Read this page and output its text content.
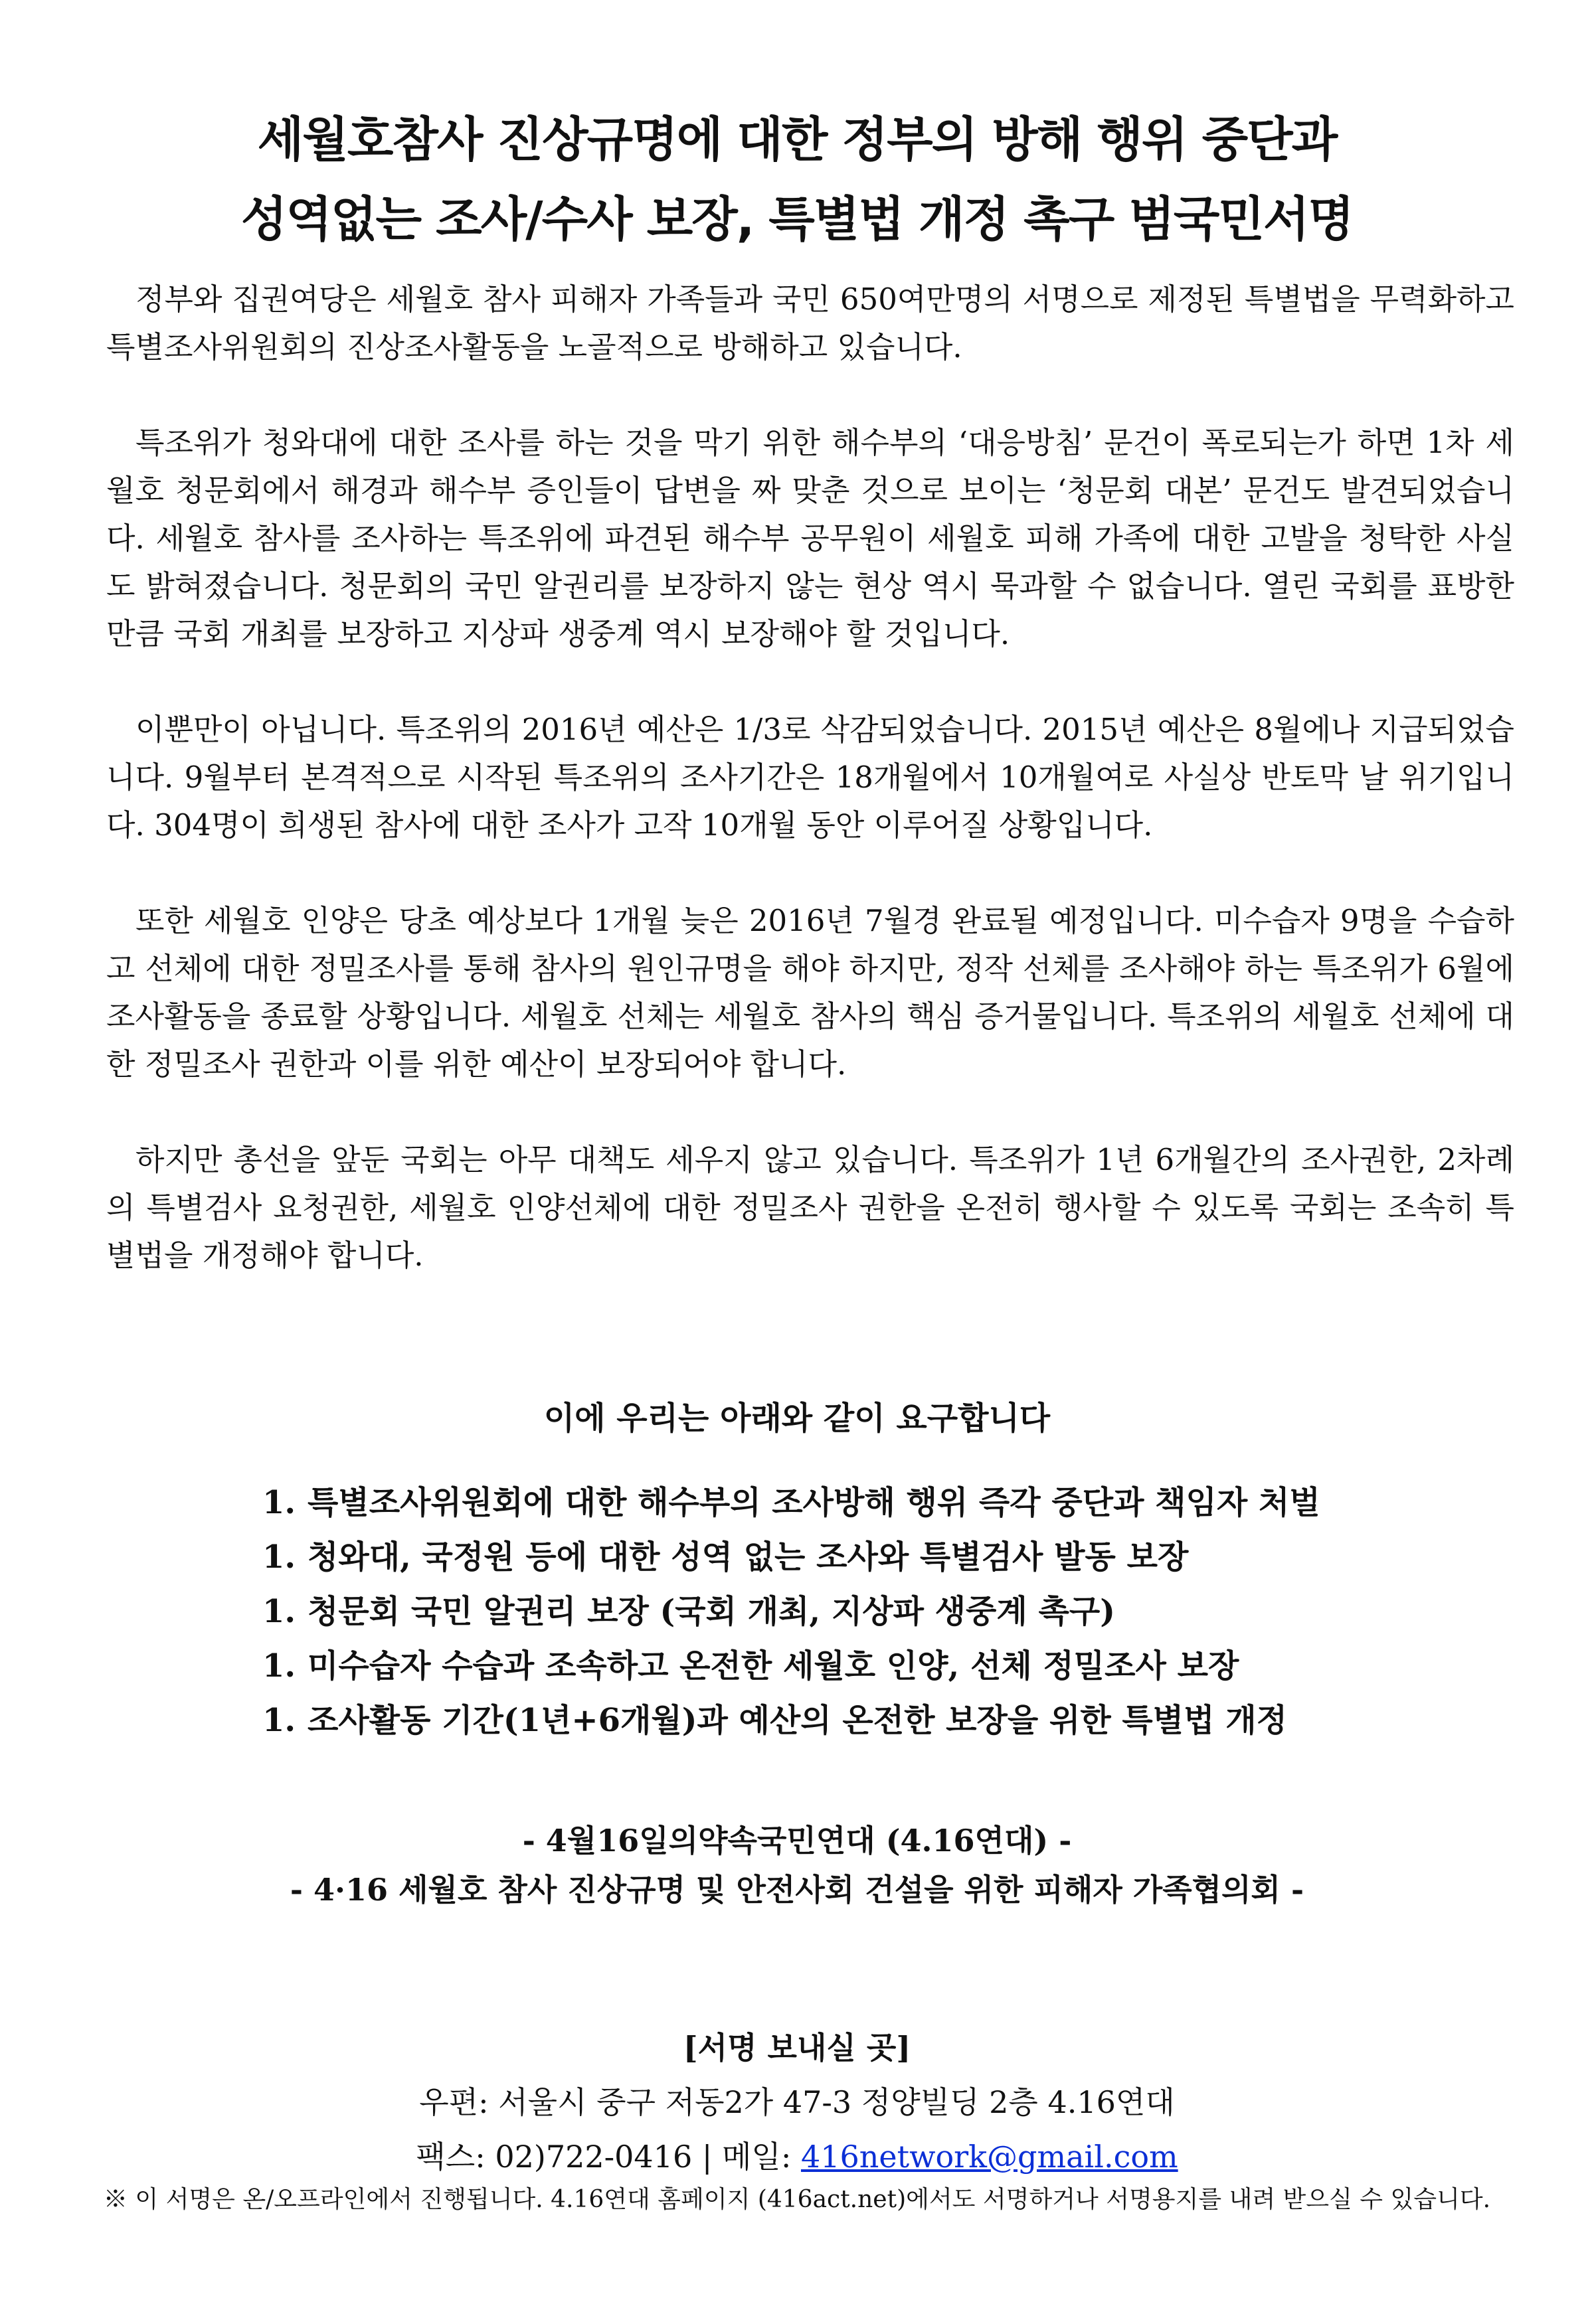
세월호참사 진상규명에 대한 정부의 방해 행위 중단과
성역없는 조사/수사 보장, 특별법 개정 촉구 범국민서명

정부와 집권여당은 세월호 참사 피해자 가족들과 국민 650여만명의 서명으로 제정된 특별법을 무력화하고 특별조사위원회의 진상조사활동을 노골적으로 방해하고 있습니다.

특조위가 청와대에 대한 조사를 하는 것을 막기 위한 해수부의 ‘대응방침’ 문건이 폭로되는가 하면 1차 세월호 청문회에서 해경과 해수부 증인들이 답변을 짜 맞춘 것으로 보이는 ‘청문회 대본’ 문건도 발견되었습니다. 세월호 참사를 조사하는 특조위에 파견된 해수부 공무원이 세월호 피해 가족에 대한 고발을 청탁한 사실도 밝혀졌습니다. 청문회의 국민 알권리를 보장하지 않는 현상 역시 묵과할 수 없습니다. 열린 국회를 표방한 만큼 국회 개최를 보장하고 지상파 생중계 역시 보장해야 할 것입니다.

이뿐만이 아닙니다. 특조위의 2016년 예산은 1/3로 삭감되었습니다. 2015년 예산은 8월에나 지급되었습니다. 9월부터 본격적으로 시작된 특조위의 조사기간은 18개월에서 10개월여로 사실상 반토막 날 위기입니다. 304명이 희생된 참사에 대한 조사가 고작 10개월 동안 이루어질 상황입니다.

또한 세월호 인양은 당초 예상보다 1개월 늦은 2016년 7월경 완료될 예정입니다. 미수습자 9명을 수습하고 선체에 대한 정밀조사를 통해 참사의 원인규명을 해야 하지만, 정작 선체를 조사해야 하는 특조위가 6월에 조사활동을 종료할 상황입니다. 세월호 선체는 세월호 참사의 핵심 증거물입니다. 특조위의 세월호 선체에 대한 정밀조사 권한과 이를 위한 예산이 보장되어야 합니다.

하지만 총선을 앞둔 국회는 아무 대책도 세우지 않고 있습니다. 특조위가 1년 6개월간의 조사권한, 2차례의 특별검사 요청권한, 세월호 인양선체에 대한 정밀조사 권한을 온전히 행사할 수 있도록 국회는 조속히 특별법을 개정해야 합니다.

이에 우리는 아래와 같이 요구합니다
1. 특별조사위원회에 대한 해수부의 조사방해 행위 즉각 중단과 책임자 처벌
1. 청와대, 국정원 등에 대한 성역 없는 조사와 특별검사 발동 보장
1. 청문회 국민 알권리 보장 (국회 개최, 지상파 생중계 촉구)
1. 미수습자 수습과 조속하고 온전한 세월호 인양, 선체 정밀조사 보장
1. 조사활동 기간(1년+6개월)과 예산의 온전한 보장을 위한 특별법 개정
- 4월16일의약속국민연대 (4.16연대) -
- 4·16 세월호 참사 진상규명 및 안전사회 건설을 위한 피해자 가족협의회 -
[서명 보내실 곳]
우편: 서울시 중구 저동2가 47-3 정양빌딩 2층 4.16연대
팩스: 02)722-0416 | 메일: 416network@gmail.com
※ 이 서명은 온/오프라인에서 진행됩니다. 4.16연대 홈페이지 (416act.net)에서도 서명하거나 서명용지를 내려 받으실 수 있습니다.
